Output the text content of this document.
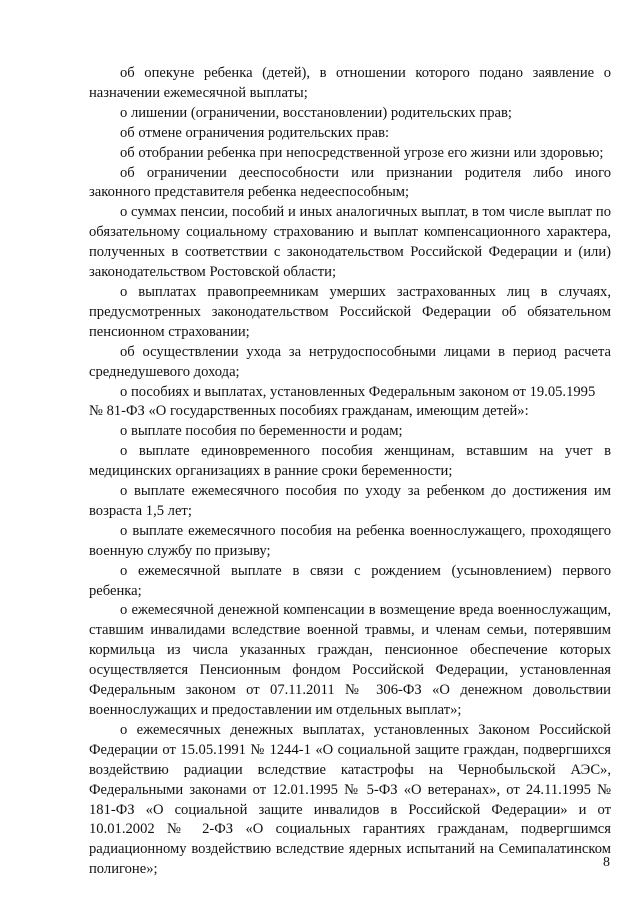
об опекуне ребенка (детей), в отношении которого подано заявление о назначении ежемесячной выплаты;

о лишении (ограничении, восстановлении) родительских прав;

об отмене ограничения родительских прав:

об отобрании ребенка при непосредственной угрозе его жизни или здоровью;

об ограничении дееспособности или признании родителя либо иного законного представителя ребенка недееспособным;

о суммах пенсии, пособий и иных аналогичных выплат, в том числе выплат по обязательному социальному страхованию и выплат компенсационного характера, полученных в соответствии с законодательством Российской Федерации и (или) законодательством Ростовской области;

о выплатах правопреемникам умерших застрахованных лиц в случаях, предусмотренных законодательством Российской Федерации об обязательном пенсионном страховании;

об осуществлении ухода за нетрудоспособными лицами в период расчета среднедушевого дохода;

о пособиях и выплатах, установленных Федеральным законом от 19.05.1995

№ 81-ФЗ «О государственных пособиях гражданам, имеющим детей»:

о выплате пособия по беременности и родам;

о выплате единовременного пособия женщинам, вставшим на учет в медицинских организациях в ранние сроки беременности;

о выплате ежемесячного пособия по уходу за ребенком до достижения им возраста 1,5 лет;

о выплате ежемесячного пособия на ребенка военнослужащего, проходящего военную службу по призыву;

о ежемесячной выплате в связи с рождением (усыновлением) первого ребенка;

о ежемесячной денежной компенсации в возмещение вреда военнослужащим, ставшим инвалидами вследствие военной травмы, и членам семьи, потерявшим кормильца из числа указанных граждан, пенсионное обеспечение которых осуществляется Пенсионным фондом Российской Федерации, установленная Федеральным законом от 07.11.2011 № 306-ФЗ «О денежном довольствии военнослужащих и предоставлении им отдельных выплат»;

о ежемесячных денежных выплатах, установленных Законом Российской Федерации от 15.05.1991 № 1244-1 «О социальной защите граждан, подвергшихся воздействию радиации вследствие катастрофы на Чернобыльской АЭС», Федеральными законами от 12.01.1995 № 5-ФЗ «О ветеранах», от 24.11.1995 № 181-ФЗ «О социальной защите инвалидов в Российской Федерации» и от 10.01.2002 № 2-ФЗ «О социальных гарантиях гражданам, подвергшимся радиационному воздействию вследствие ядерных испытаний на Семипалатинском полигоне»;	8
